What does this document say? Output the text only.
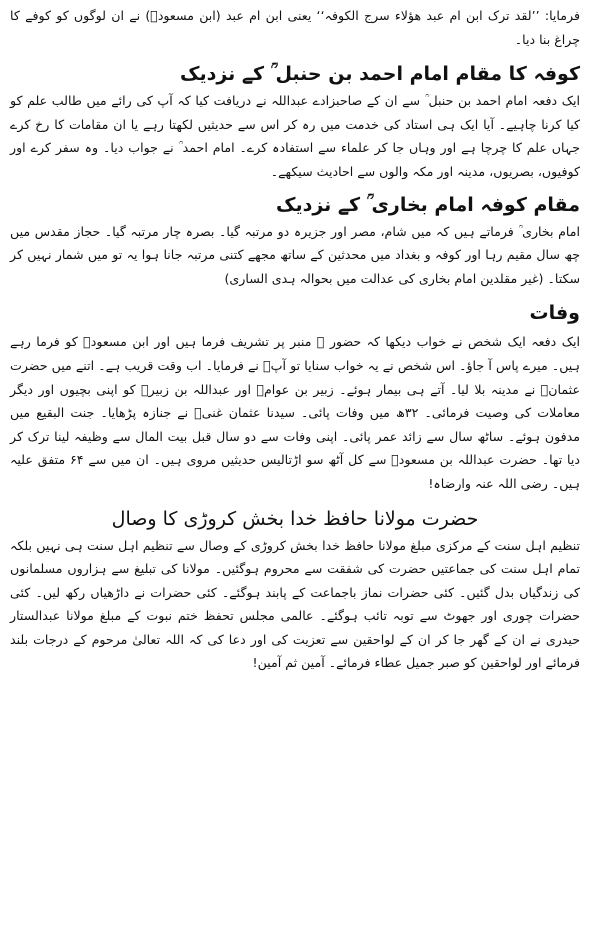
فرمایا: ’’لقد ترک ابن ام عبد ھؤلاء سرج الکوفہ‘‘ یعنی ابن ام عبد (ابن مسعودؓ) نے ان لوگوں کو کوفے کا چراغ بنا دیا۔

کوفہ کا مقام امام احمد بن حنبل ؒ کے نزدیک

ایک دفعہ امام احمد بن حنبل ؒ سے ان کے صاحبزادے عبداللہ نے دریافت کیا کہ آپ کی رائے میں طالب علم کو کیا کرنا چاہیے۔ آیا ایک ہی استاد کی خدمت میں رہ کر اس سے حدیثیں لکھتا رہے یا ان مقامات کا رخ کرے جہاں علم کا چرچا ہے اور وہاں جا کر علماء سے استفادہ کرے۔ امام احمد ؒ نے جواب دیا۔ وہ سفر کرے اور کوفیوں، بصریوں، مدینہ اور مکہ والوں سے احادیث سیکھے۔

مقام کوفہ امام بخاری ؒ کے نزدیک

امام بخاری ؒ فرماتے ہیں کہ میں شام، مصر اور جزیرہ دو مرتبہ گیا۔ بصرہ چار مرتبہ گیا۔ حجاز مقدس میں چھ سال مقیم رہا اور کوفہ و بغداد میں محدثین کے ساتھ مجھے کتنی مرتبہ جانا ہوا یہ تو میں شمار نہیں کر سکتا۔ (غیر مقلدین امام بخاری کی عدالت میں بحوالہ ہدی الساری)

وفات

ایک دفعہ ایک شخص نے خواب دیکھا کہ حضور ﷺ منبر پر تشریف فرما ہیں اور ابن مسعودؓ کو فرما رہے ہیں۔ میرے پاس آ جاؤ۔ اس شخص نے یہ خواب سنایا تو آپؓ نے فرمایا۔ اب وقت قریب ہے۔ اتنے میں حضرت عثمانؓ نے مدینہ بلا لیا۔ آتے ہی بیمار ہوئے۔ زبیر بن عوامؓ اور عبداللہ بن زبیرؓ کو اپنی بچیوں اور دیگر معاملات کی وصیت فرمائی۔ ۳۲ھ میں وفات پائی۔ سیدنا عثمان غنیؓ نے جنازہ پڑھایا۔ جنت البقیع میں مدفون ہوئے۔ ساٹھ سال سے زائد عمر پائی۔ اپنی وفات سے دو سال قبل بیت المال سے وظیفہ لینا ترک کر دیا تھا۔ حضرت عبداللہ بن مسعودؓ سے کل آٹھ سو اڑتالیس حدیثیں مروی ہیں۔ ان میں سے ۶۴ متفق علیہ ہیں۔ رضی اللہ عنہ وارضاہ!

حضرت مولانا حافظ خدا بخش کروڑی کا وصال

تنظیم اہل سنت کے مرکزی مبلغ مولانا حافظ خدا بخش کروڑی کے وصال سے تنظیم اہل سنت ہی نہیں بلکہ تمام اہل سنت کی جماعتیں حضرت کی شفقت سے محروم ہوگئیں۔ مولانا کی تبلیغ سے ہزاروں مسلمانوں کی زندگیاں بدل گئیں۔ کئی حضرات نماز باجماعت کے پابند ہوگئے۔ کئی حضرات نے داڑھیاں رکھ لیں۔ کئی حضرات چوری اور جھوٹ سے توبہ تائب ہوگئے۔ عالمی مجلس تحفظ ختم نبوت کے مبلغ مولانا عبدالستار حیدری نے ان کے گھر جا کر ان کے لواحقین سے تعزیت کی اور دعا کی کہ اللہ تعالیٰ مرحوم کے درجات بلند فرمائے اور لواحقین کو صبر جمیل عطاء فرمائے۔ آمین ثم آمین!
